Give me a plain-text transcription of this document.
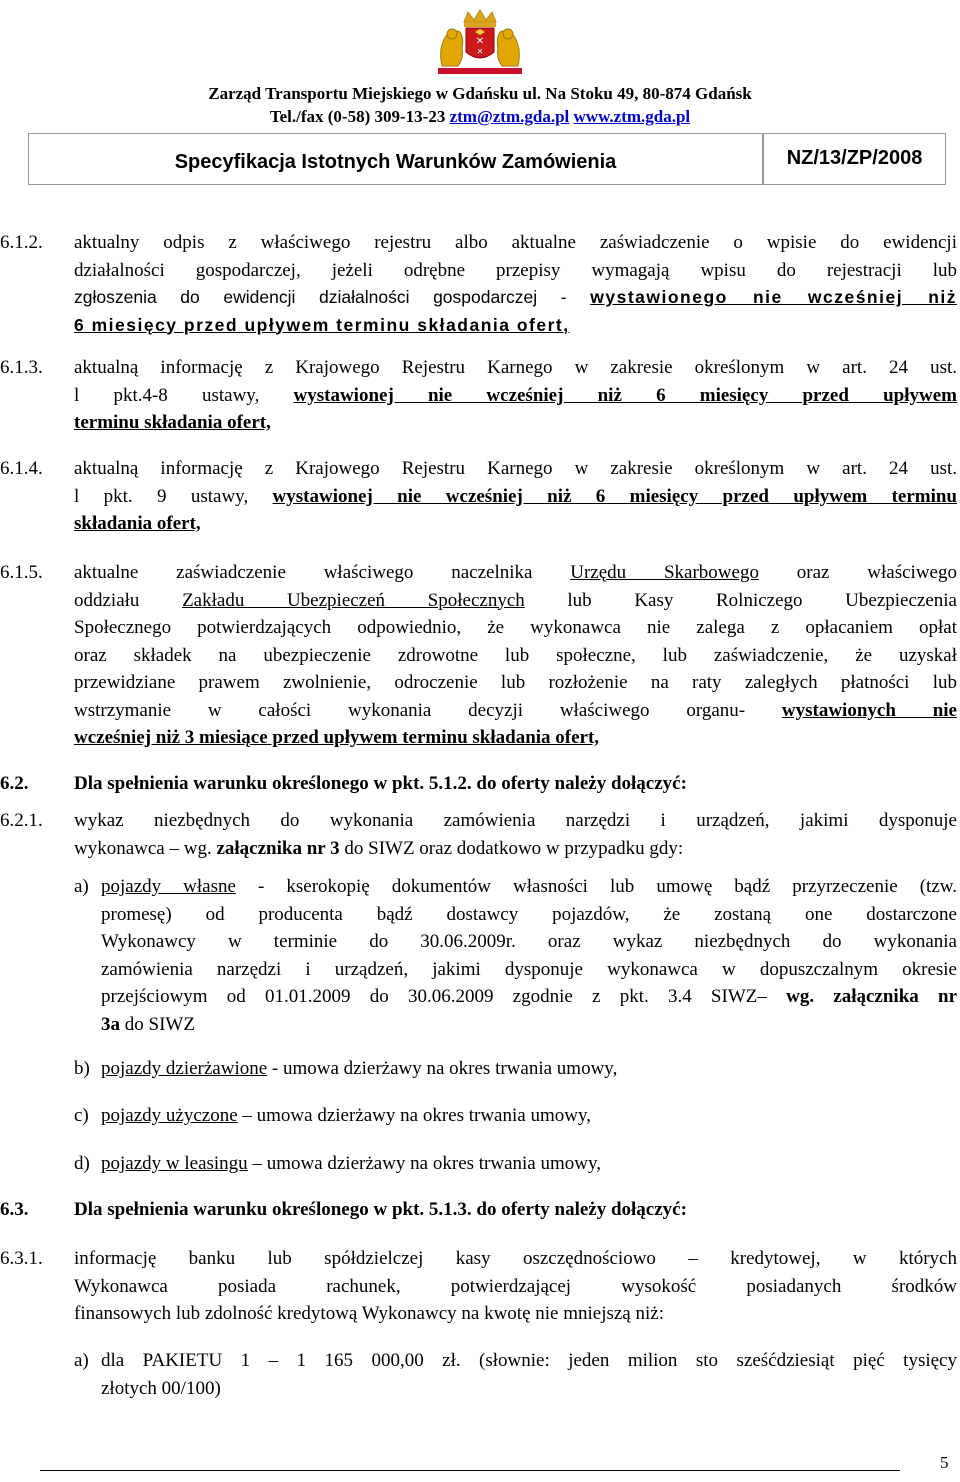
✕
✕
Zarząd Transportu Miejskiego w Gdańsku ul. Na Stoku 49, 80-874 Gdańsk
Tel./fax (0-58) 309-13-23 ztm@ztm.gda.pl www.ztm.gda.pl
Specyfikacja Istotnych Warunków Zamówienia	NZ/13/ZP/2008
6.1.2. aktualny odpis z właściwego rejestru albo aktualne zaświadczenie o wpisie do ewidencji
działalności gospodarczej, jeżeli odrębne przepisy wymagają wpisu do rejestracji lub
zgłoszenia do ewidencji działalności gospodarczej - wystawionego nie wcześniej niż
6 miesięcy przed upływem terminu składania ofert,
6.1.3. aktualną informację z Krajowego Rejestru Karnego w zakresie określonym w art. 24 ust.
l pkt.4-8 ustawy, wystawionej nie wcześniej niż 6 miesięcy przed upływem
terminu składania ofert,
6.1.4. aktualną informację z Krajowego Rejestru Karnego w zakresie określonym w art. 24 ust.
l pkt. 9 ustawy, wystawionej nie wcześniej niż 6 miesięcy przed upływem terminu
składania ofert,
6.1.5. aktualne zaświadczenie właściwego naczelnika Urzędu Skarbowego oraz właściwego
oddziału Zakładu Ubezpieczeń Społecznych lub Kasy Rolniczego Ubezpieczenia
Społecznego potwierdzających odpowiednio, że wykonawca nie zalega z opłacaniem opłat
oraz składek na ubezpieczenie zdrowotne lub społeczne, lub zaświadczenie, że uzyskał
przewidziane prawem zwolnienie, odroczenie lub rozłożenie na raty zaległych płatności lub
wstrzymanie w całości wykonania decyzji właściwego organu- wystawionych nie
wcześniej niż 3 miesiące przed upływem terminu składania ofert,
6.2. Dla spełnienia warunku określonego w pkt. 5.1.2. do oferty należy dołączyć:
6.2.1. wykaz niezbędnych do wykonania zamówienia narzędzi i urządzeń, jakimi dysponuje
wykonawca – wg. załącznika nr 3 do SIWZ oraz dodatkowo w przypadku gdy:
a) pojazdy własne - kserokopię dokumentów własności lub umowę bądź przyrzeczenie (tzw.
promesę) od producenta bądź dostawcy pojazdów, że zostaną one dostarczone
Wykonawcy w terminie do 30.06.2009r. oraz wykaz niezbędnych do wykonania
zamówienia narzędzi i urządzeń, jakimi dysponuje wykonawca w dopuszczalnym okresie
przejściowym od 01.01.2009 do 30.06.2009 zgodnie z pkt. 3.4 SIWZ– wg. załącznika nr
3a do SIWZ
b) pojazdy dzierżawione - umowa dzierżawy na okres trwania umowy,
c) pojazdy użyczone – umowa dzierżawy na okres trwania umowy,
d) pojazdy w leasingu – umowa dzierżawy na okres trwania umowy,
6.3. Dla spełnienia warunku określonego w pkt. 5.1.3. do oferty należy dołączyć:
6.3.1. informację banku lub spółdzielczej kasy oszczędnościowo – kredytowej, w których
Wykonawca posiada rachunek, potwierdzającej wysokość posiadanych środków
finansowych lub zdolność kredytową Wykonawcy na kwotę nie mniejszą niż:
a) dla PAKIETU 1 – 1 165 000,00 zł. (słownie: jeden milion sto sześćdziesiąt pięć tysięcy
złotych 00/100)
5
